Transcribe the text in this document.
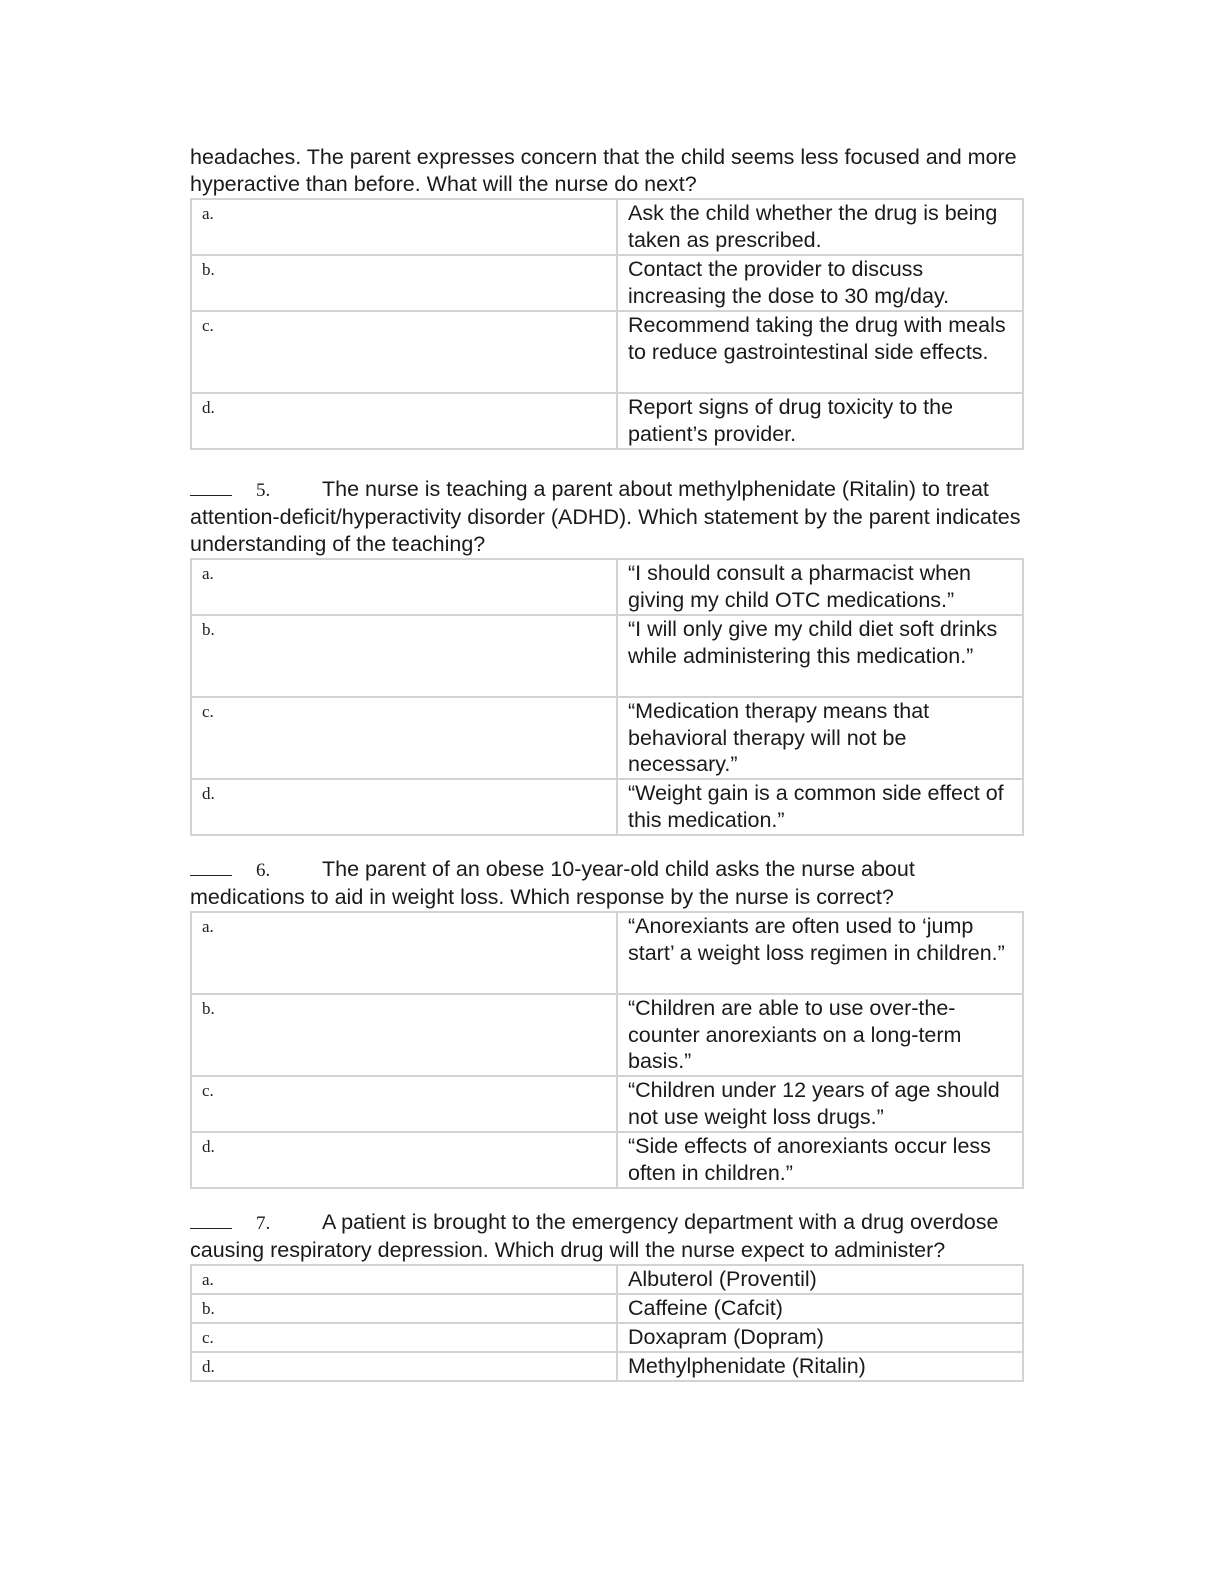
headaches. The parent expresses concern that the child seems less focused and more hyperactive than before. What will the nurse do next?

a.	Ask the child whether the drug is being taken as prescribed.
b.	Contact the provider to discuss increasing the dose to 30 mg/day.
c.	Recommend taking the drug with meals to reduce gastrointestinal side effects.
d.	Report signs of drug toxicity to the patient’s provider.

5. The nurse is teaching a parent about methylphenidate (Ritalin) to treat attention-deficit/hyperactivity disorder (ADHD). Which statement by the parent indicates understanding of the teaching?

a.	“I should consult a pharmacist when giving my child OTC medications.”
b.	“I will only give my child diet soft drinks while administering this medication.”
c.	“Medication therapy means that behavioral therapy will not be necessary.”
d.	“Weight gain is a common side effect of this medication.”

6. The parent of an obese 10-year-old child asks the nurse about medications to aid in weight loss. Which response by the nurse is correct?

a.	“Anorexiants are often used to ‘jump start’ a weight loss regimen in children.”
b.	“Children are able to use over-the-counter anorexiants on a long-term basis.”
c.	“Children under 12 years of age should not use weight loss drugs.”
d.	“Side effects of anorexiants occur less often in children.”

7. A patient is brought to the emergency department with a drug overdose causing respiratory depression. Which drug will the nurse expect to administer?

a.	Albuterol (Proventil)
b.	Caffeine (Cafcit)
c.	Doxapram (Dopram)
d.	Methylphenidate (Ritalin)
